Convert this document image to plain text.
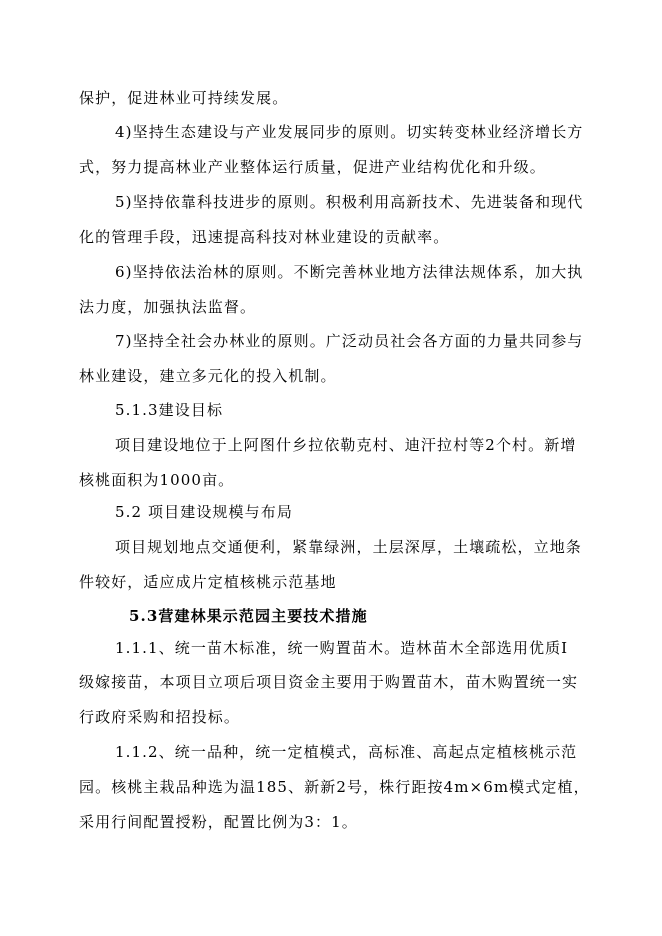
保护，促进林业可持续发展。
4)坚持生态建设与产业发展同步的原则。切实转变林业经济增长方
式，努力提高林业产业整体运行质量，促进产业结构优化和升级。
5)坚持依靠科技进步的原则。积极利用高新技术、先进装备和现代
化的管理手段，迅速提高科技对林业建设的贡献率。
6)坚持依法治林的原则。不断完善林业地方法律法规体系，加大执
法力度，加强执法监督。
7)坚持全社会办林业的原则。广泛动员社会各方面的力量共同参与
林业建设，建立多元化的投入机制。
5.1.3建设目标
项目建设地位于上阿图什乡拉依勒克村、迪汗拉村等2个村。新增
核桃面积为1000亩。
5.2 项目建设规模与布局
项目规划地点交通便利，紧靠绿洲，土层深厚，土壤疏松，立地条
件较好，适应成片定植核桃示范基地
5.3营建林果示范园主要技术措施
1.1.1、统一苗木标准，统一购置苗木。造林苗木全部选用优质Ⅰ
级嫁接苗，本项目立项后项目资金主要用于购置苗木，苗木购置统一实
行政府采购和招投标。
1.1.2、统一品种，统一定植模式，高标准、高起点定植核桃示范
园。核桃主栽品种选为温185、新新2号，株行距按4m×6m模式定植，
采用行间配置授粉，配置比例为3：1。
